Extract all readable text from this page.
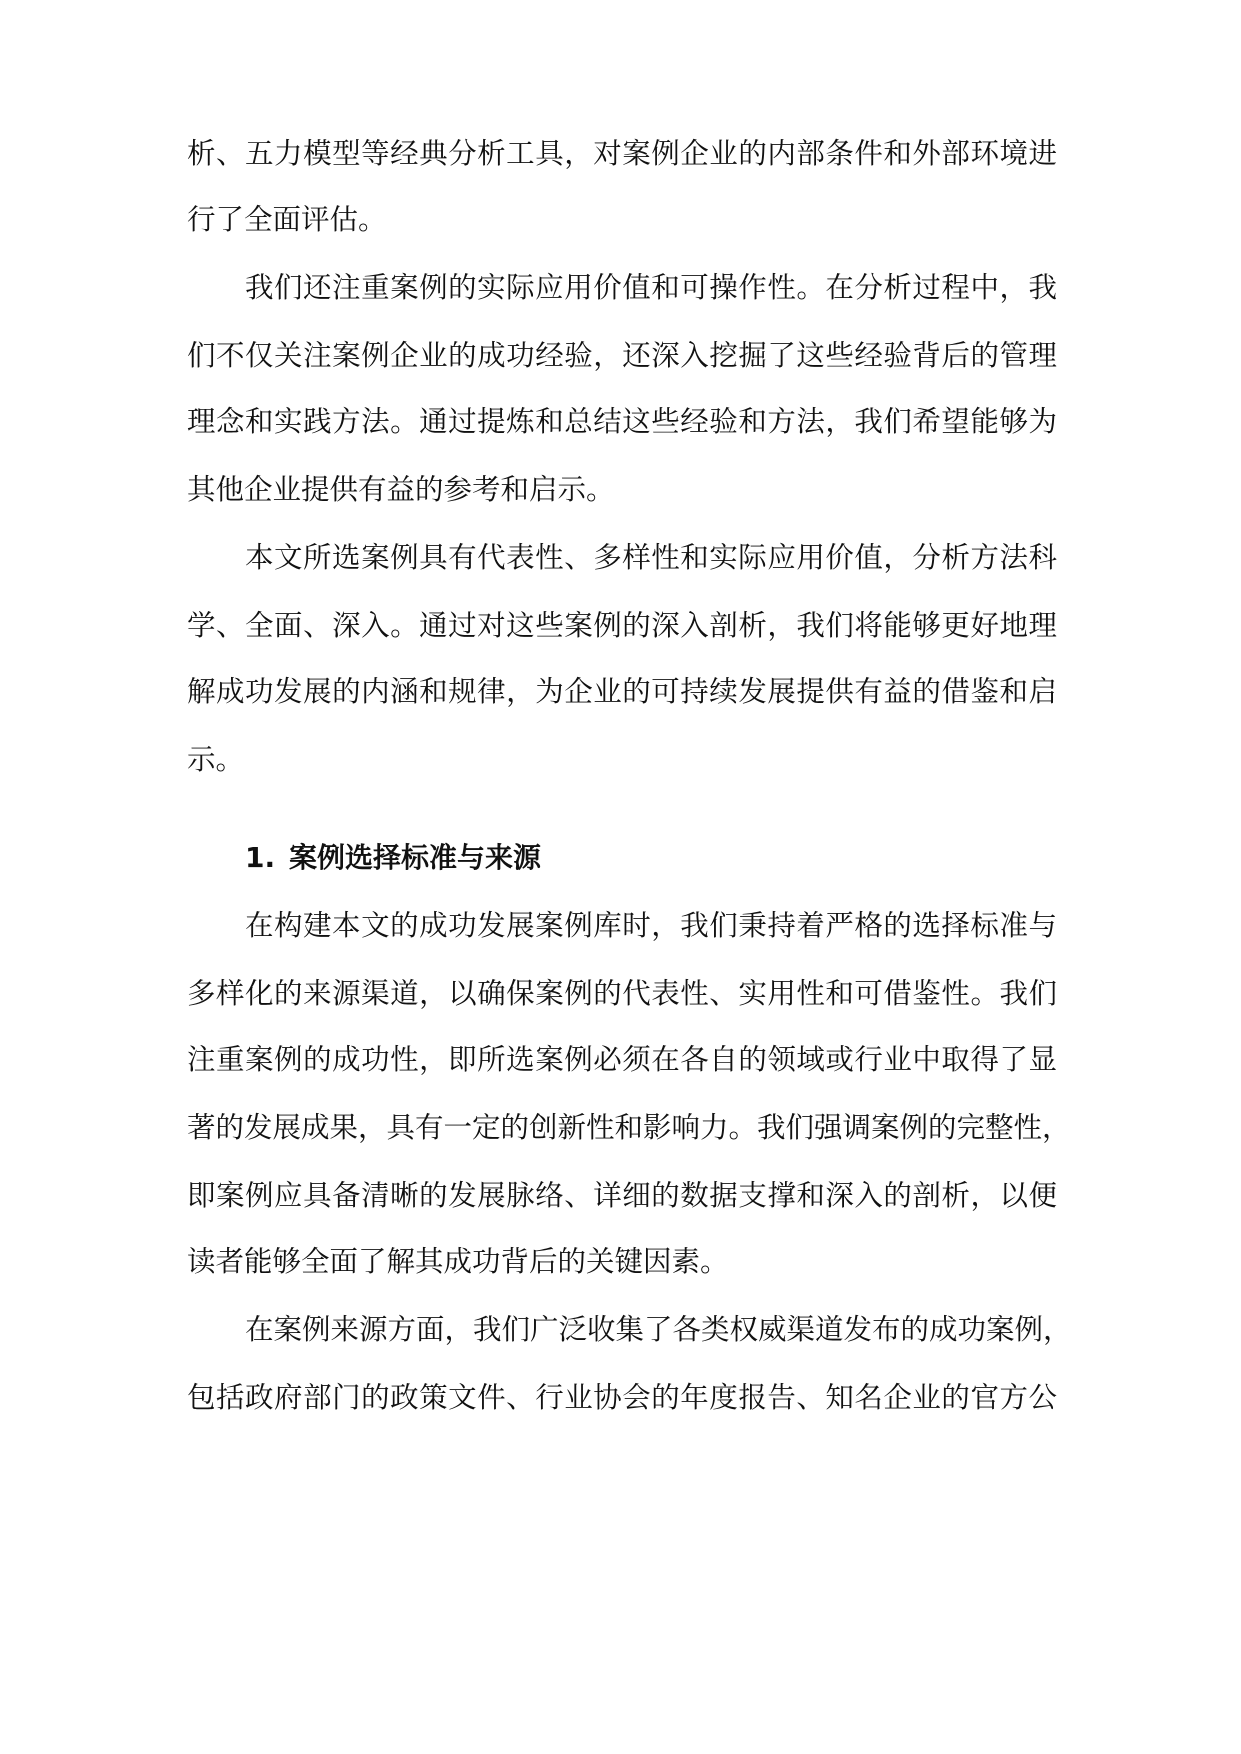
析、五力模型等经典分析工具，对案例企业的内部条件和外部环境进
行了全面评估。
我们还注重案例的实际应用价值和可操作性。在分析过程中，我
们不仅关注案例企业的成功经验，还深入挖掘了这些经验背后的管理
理念和实践方法。通过提炼和总结这些经验和方法，我们希望能够为
其他企业提供有益的参考和启示。
本文所选案例具有代表性、多样性和实际应用价值，分析方法科
学、全面、深入。通过对这些案例的深入剖析，我们将能够更好地理
解成功发展的内涵和规律，为企业的可持续发展提供有益的借鉴和启
示。
1. 案例选择标准与来源
在构建本文的成功发展案例库时，我们秉持着严格的选择标准与
多样化的来源渠道，以确保案例的代表性、实用性和可借鉴性。我们
注重案例的成功性，即所选案例必须在各自的领域或行业中取得了显
著的发展成果，具有一定的创新性和影响力。我们强调案例的完整性，
即案例应具备清晰的发展脉络、详细的数据支撑和深入的剖析，以便
读者能够全面了解其成功背后的关键因素。
在案例来源方面，我们广泛收集了各类权威渠道发布的成功案例，
包括政府部门的政策文件、行业协会的年度报告、知名企业的官方公
